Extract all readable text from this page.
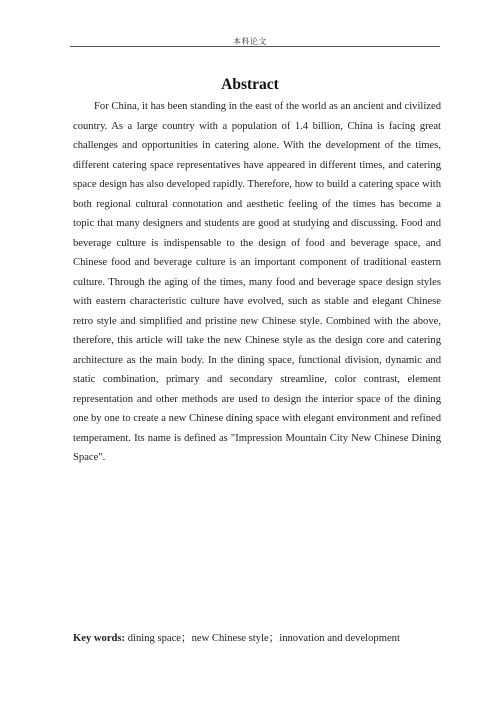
本科论文
Abstract

For China, it has been standing in the east of the world as an ancient and civilized country. As a large country with a population of 1.4 billion, China is facing great challenges and opportunities in catering alone. With the development of the times, different catering space representatives have appeared in different times, and catering space design has also developed rapidly. Therefore, how to build a catering space with both regional cultural connotation and aesthetic feeling of the times has become a topic that many designers and students are good at studying and discussing. Food and beverage culture is indispensable to the design of food and beverage space, and Chinese food and beverage culture is an important component of traditional eastern culture. Through the aging of the times, many food and beverage space design styles with eastern characteristic culture have evolved, such as stable and elegant Chinese retro style and simplified and pristine new Chinese style. Combined with the above, therefore, this article will take the new Chinese style as the design core and catering architecture as the main body. In the dining space, functional division, dynamic and static combination, primary and secondary streamline, color contrast, element representation and other methods are used to design the interior space of the dining one by one to create a new Chinese dining space with elegant environment and refined temperament. Its name is defined as "Impression Mountain City New Chinese Dining Space".

Key words: dining space；new Chinese style；innovation and development
